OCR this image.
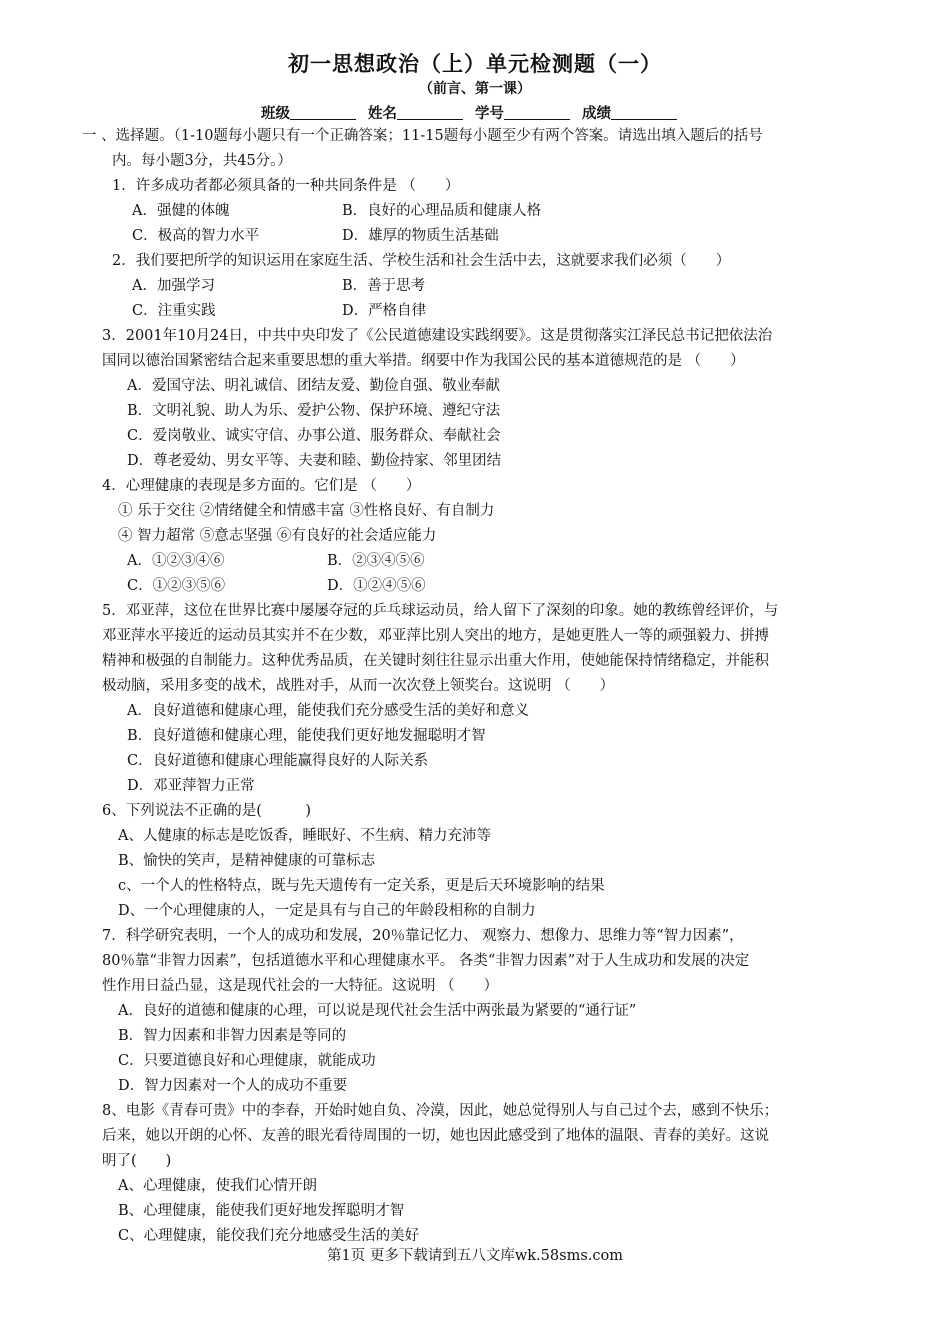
初一思想政治（上）单元检测题（一）
（前言、第一课）
班级	姓名	学号	成绩
一 、选择题。（1-10题每小题只有一个正确答案；11-15题每小题至少有两个答案。请选出填入题后的括号
内。每小题3分，共45分。）
1．许多成功者都必须具备的一种共同条件是 （　　）
A．强健的体魄	B．良好的心理品质和健康人格
C．极高的智力水平	D．雄厚的物质生活基础
2．我们要把所学的知识运用在家庭生活、学校生活和社会生活中去，这就要求我们必须（　　）
A．加强学习	B．善于思考
C．注重实践	D．严格自律
3．2001年10月24日，中共中央印发了《公民道德建设实践纲要》。这是贯彻落实江泽民总书记把依法治
国同以德治国紧密结合起来重要思想的重大举措。纲要中作为我国公民的基本道德规范的是 （　　）
A．爱国守法、明礼诚信、团结友爱、勤俭自强、敬业奉献
B．文明礼貌、助人为乐、爱护公物、保护环境、遵纪守法
C．爱岗敬业、诚实守信、办事公道、服务群众、奉献社会
D．尊老爱幼、男女平等、夫妻和睦、勤俭持家、邻里团结
4．心理健康的表现是多方面的。它们是 （　　）
① 乐于交往 ②情绪健全和情感丰富 ③性格良好、有自制力
④ 智力超常 ⑤意志坚强 ⑥有良好的社会适应能力
A．①②③④⑥	B．②③④⑤⑥
C．①②③⑤⑥	D．①②④⑤⑥
5．邓亚萍，这位在世界比赛中屡屡夺冠的乒乓球运动员，给人留下了深刻的印象。她的教练曾经评价，与
邓亚萍水平接近的运动员其实并不在少数，邓亚萍比别人突出的地方，是她更胜人一等的顽强毅力、拼搏
精神和极强的自制能力。这种优秀品质，在关键时刻往往显示出重大作用，使她能保持情绪稳定，并能积
极动脑，采用多变的战术，战胜对手，从而一次次登上领奖台。这说明 （　　）
A．良好道德和健康心理，能使我们充分感受生活的美好和意义
B．良好道德和健康心理，能使我们更好地发掘聪明才智
C．良好道德和健康心理能赢得良好的人际关系
D．邓亚萍智力正常
6、下列说法不正确的是(　　　)
A、人健康的标志是吃饭香，睡眠好、不生病、精力充沛等
B、愉快的笑声，是精神健康的可靠标志
c、一个人的性格特点，既与先天遗传有一定关系，更是后天环境影响的结果
D、一个心理健康的人，一定是具有与自己的年龄段相称的自制力
7．科学研究表明，一个人的成功和发展，20％靠记忆力、 观察力、想像力、思维力等“智力因素”，
80％靠“非智力因素”，包括道德水平和心理健康水平。 各类“非智力因素”对于人生成功和发展的决定
性作用日益凸显，这是现代社会的一大特征。这说明 （　　）
A．良好的道德和健康的心理，可以说是现代社会生活中两张最为紧要的“通行证”
B．智力因素和非智力因素是等同的
C．只要道德良好和心理健康，就能成功
D．智力因素对一个人的成功不重要
8、电影《青春可贵》中的李春，开始时她自负、冷漠，因此，她总觉得别人与自己过个去，感到不快乐；
后来，她以开朗的心怀、友善的眼光看待周围的一切，她也因此感受到了地体的温限、青春的美好。这说
明了(　　)
A、心理健康，使我们心情开朗
B、心理健康，能使我们更好地发挥聪明才智
C、心理健康，能佼我们充分地感受生活的美好
第1页 更多下载请到五八文库wk.58sms.com
